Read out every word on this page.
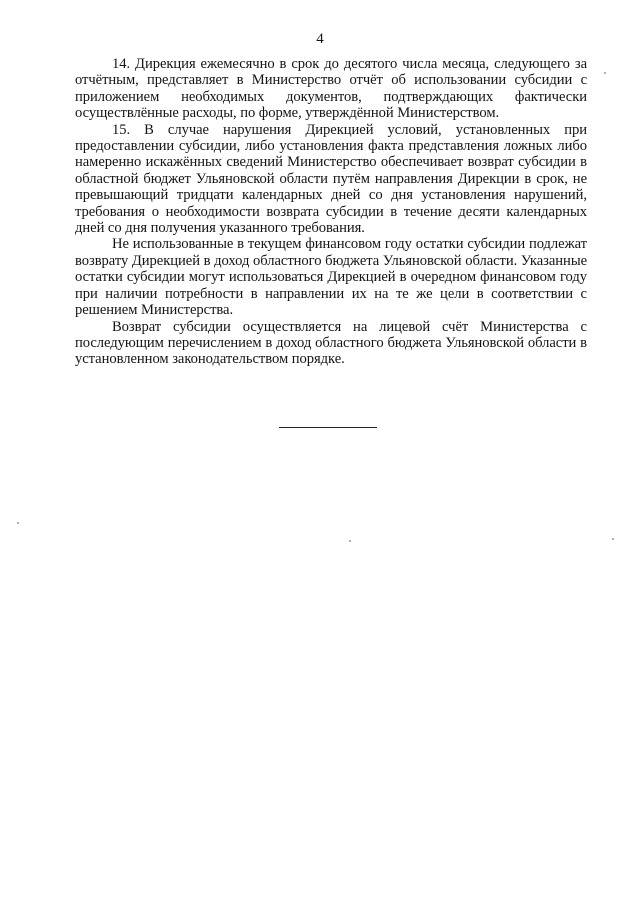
4

14. Дирекция ежемесячно в срок до десятого числа месяца, следующего за отчётным, представляет в Министерство отчёт об использовании субсидии с приложением необходимых документов, подтверждающих фактически осуществлённые расходы, по форме, утверждённой Министерством.

15. В случае нарушения Дирекцией условий, установленных при предоставлении субсидии, либо установления факта представления ложных либо намеренно искажённых сведений Министерство обеспечивает возврат субсидии в областной бюджет Ульяновской области путём направления Дирекции в срок, не превышающий тридцати календарных дней со дня установления нарушений, требования о необходимости возврата субсидии в течение десяти календарных дней со дня получения указанного требования.

Не использованные в текущем финансовом году остатки субсидии подлежат возврату Дирекцией в доход областного бюджета Ульяновской области. Указанные остатки субсидии могут использоваться Дирекцией в очередном финансовом году при наличии потребности в направлении их на те же цели в соответствии с решением Министерства.

Возврат субсидии осуществляется на лицевой счёт Министерства с последующим перечислением в доход областного бюджета Ульяновской области в установленном законодательством порядке.
